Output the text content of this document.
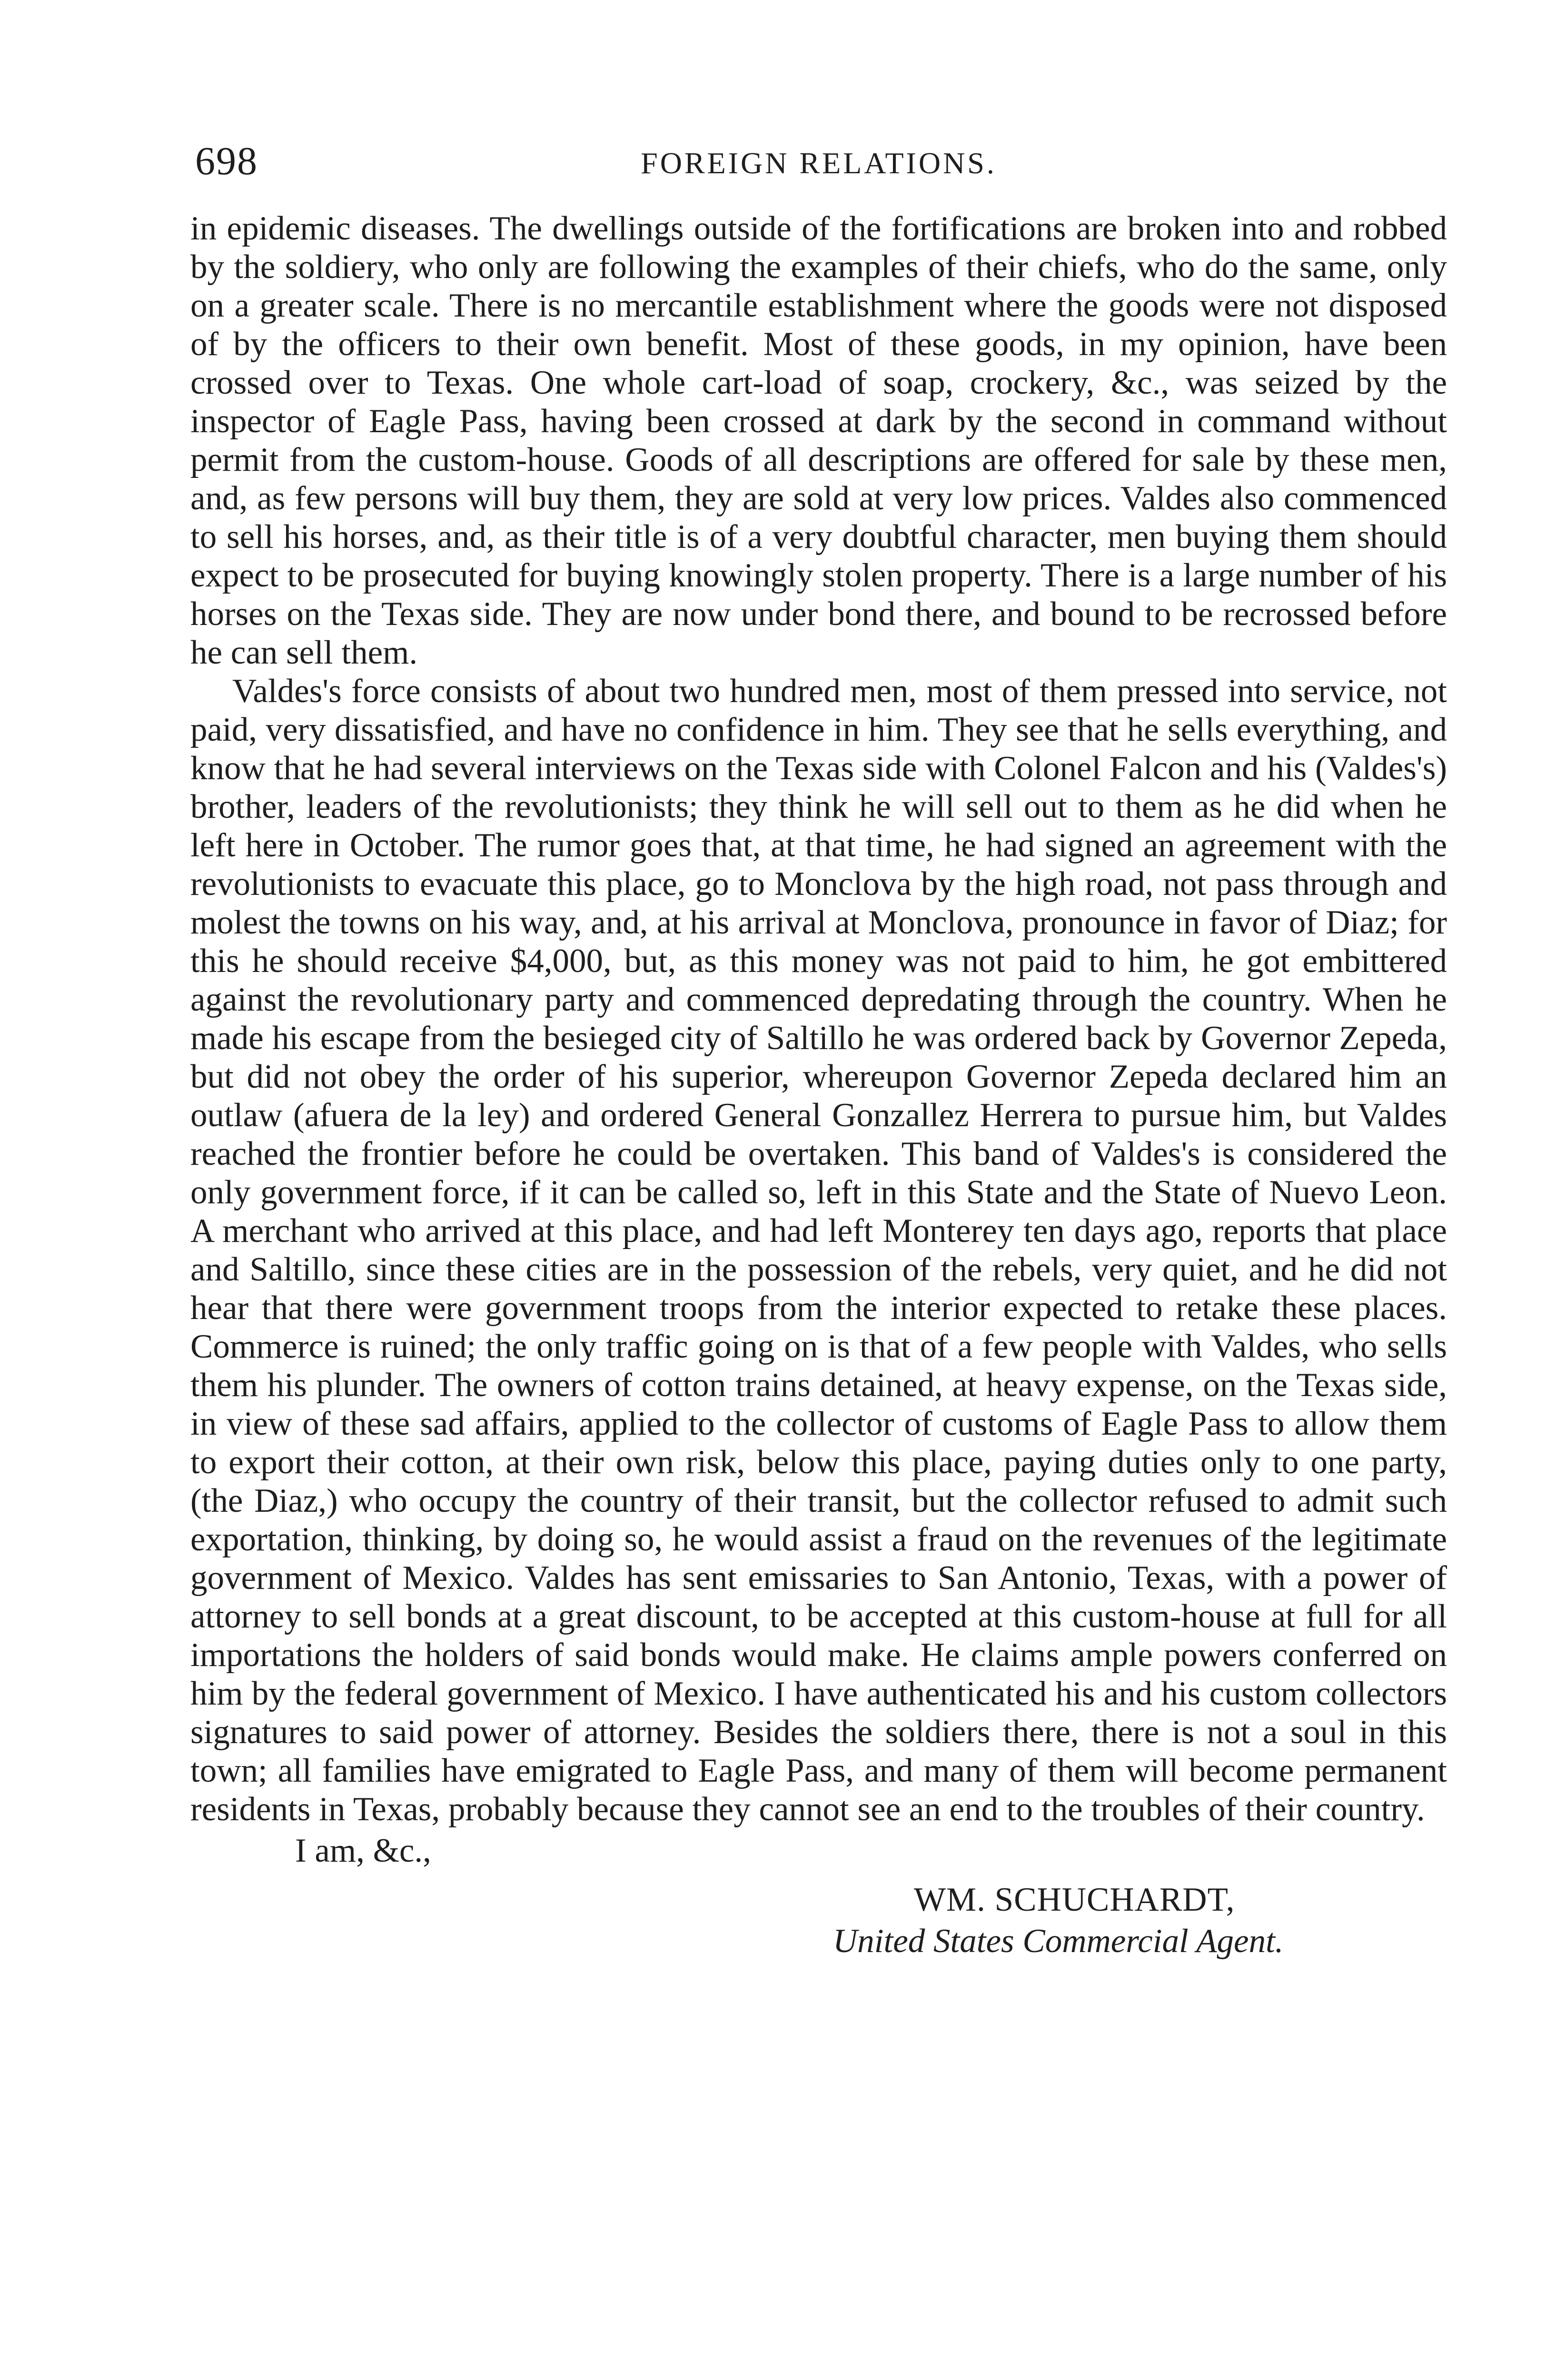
698	FOREIGN RELATIONS.

in epidemic diseases. The dwellings outside of the fortifications are broken into and robbed by the soldiery, who only are following the examples of their chiefs, who do the same, only on a greater scale. There is no mercantile establishment where the goods were not disposed of by the officers to their own benefit. Most of these goods, in my opinion, have been crossed over to Texas. One whole cart-load of soap, crockery, &c., was seized by the inspector of Eagle Pass, having been crossed at dark by the second in command without permit from the custom-house. Goods of all descriptions are offered for sale by these men, and, as few persons will buy them, they are sold at very low prices. Valdes also commenced to sell his horses, and, as their title is of a very doubtful character, men buying them should expect to be prosecuted for buying knowingly stolen property. There is a large number of his horses on the Texas side. They are now under bond there, and bound to be recrossed before he can sell them.

Valdes's force consists of about two hundred men, most of them pressed into service, not paid, very dissatisfied, and have no confidence in him. They see that he sells everything, and know that he had several interviews on the Texas side with Colonel Falcon and his (Valdes's) brother, leaders of the revolutionists; they think he will sell out to them as he did when he left here in October. The rumor goes that, at that time, he had signed an agreement with the revolutionists to evacuate this place, go to Monclova by the high road, not pass through and molest the towns on his way, and, at his arrival at Monclova, pronounce in favor of Diaz; for this he should receive $4,000, but, as this money was not paid to him, he got embittered against the revolutionary party and commenced depredating through the country. When he made his escape from the besieged city of Saltillo he was ordered back by Governor Zepeda, but did not obey the order of his superior, whereupon Governor Zepeda declared him an outlaw (afuera de la ley) and ordered General Gonzallez Herrera to pursue him, but Valdes reached the frontier before he could be overtaken. This band of Valdes's is considered the only government force, if it can be called so, left in this State and the State of Nuevo Leon. A merchant who arrived at this place, and had left Monterey ten days ago, reports that place and Saltillo, since these cities are in the possession of the rebels, very quiet, and he did not hear that there were government troops from the interior expected to retake these places. Commerce is ruined; the only traffic going on is that of a few people with Valdes, who sells them his plunder. The owners of cotton trains detained, at heavy expense, on the Texas side, in view of these sad affairs, applied to the collector of customs of Eagle Pass to allow them to export their cotton, at their own risk, below this place, paying duties only to one party, (the Diaz,) who occupy the country of their transit, but the collector refused to admit such exportation, thinking, by doing so, he would assist a fraud on the revenues of the legitimate government of Mexico. Valdes has sent emissaries to San Antonio, Texas, with a power of attorney to sell bonds at a great discount, to be accepted at this custom-house at full for all importations the holders of said bonds would make. He claims ample powers conferred on him by the federal government of Mexico. I have authenticated his and his custom collectors signatures to said power of attorney. Besides the soldiers there, there is not a soul in this town; all families have emigrated to Eagle Pass, and many of them will become permanent residents in Texas, probably because they cannot see an end to the troubles of their country.

I am, &c.,
WM. SCHUCHARDT,
United States Commercial Agent.
